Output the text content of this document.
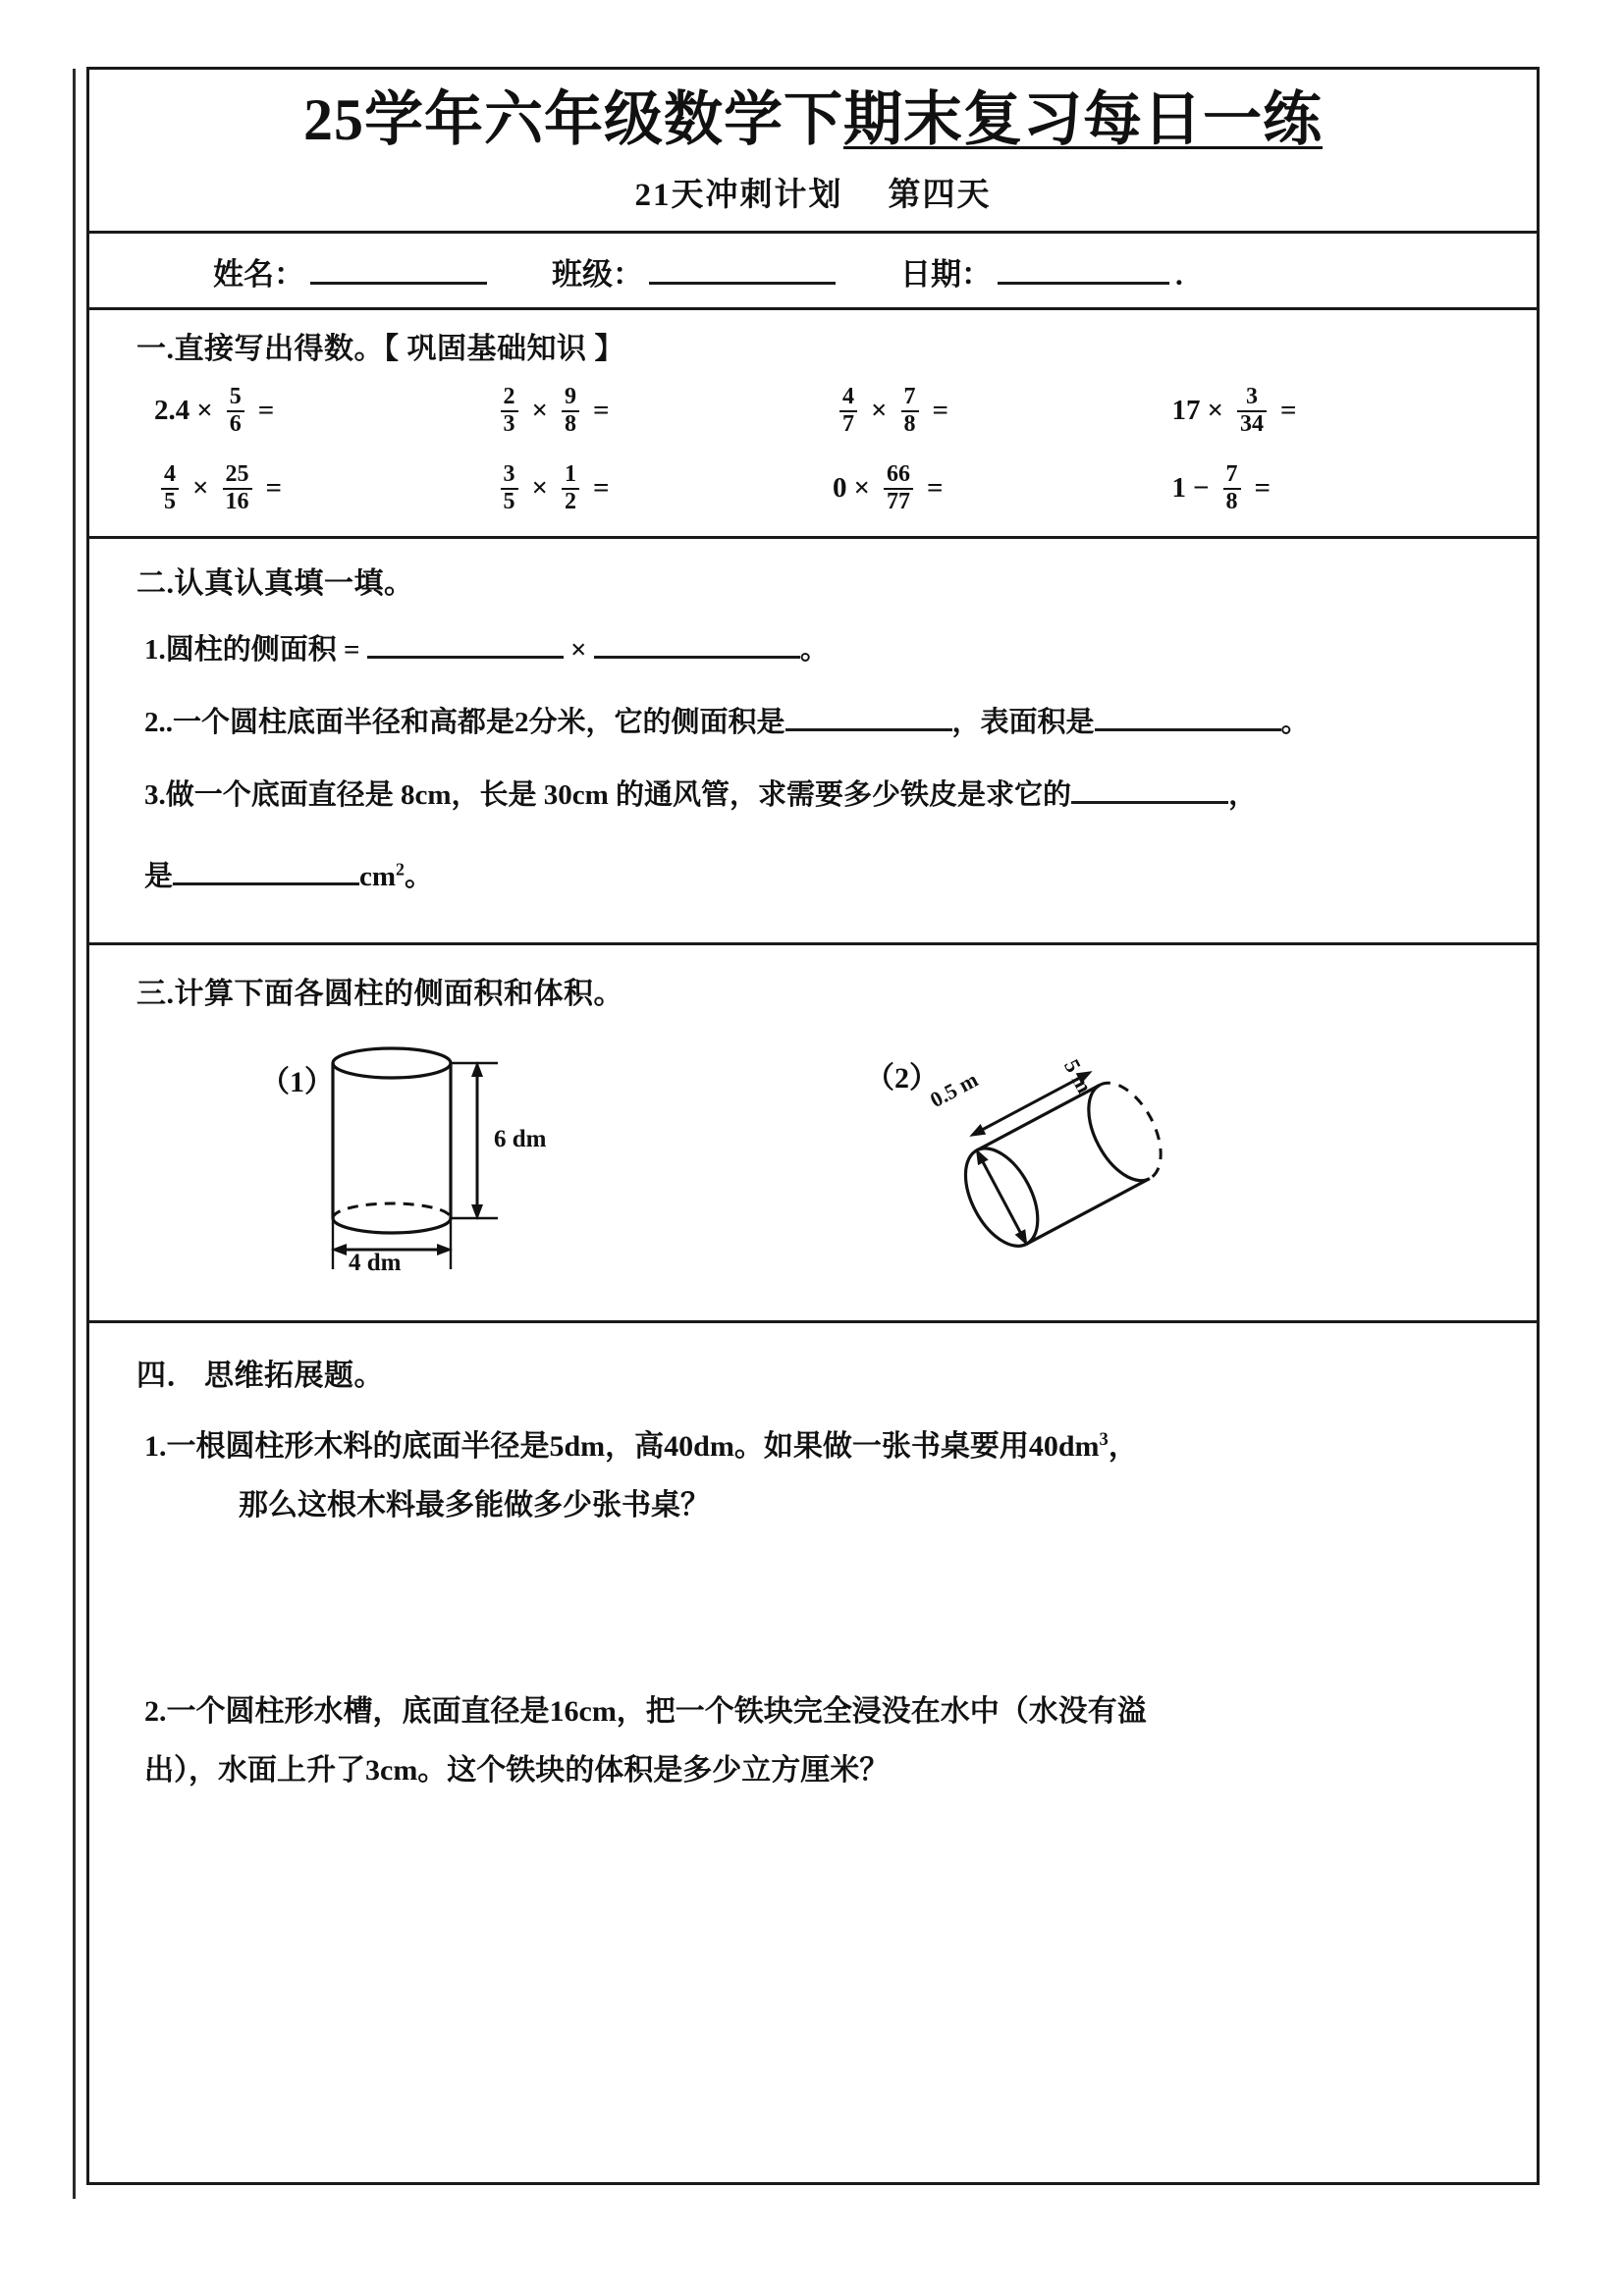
25学年六年级数学下期末复习每日一练
21天冲刺计划 第四天
姓名：	班级：	日期：	.
一.直接写出得数。【 巩固基础知识 】
$2.4 \times \frac{5}{6}$ =	$\frac{2}{3} \times \frac{9}{8}$ =	$\frac{4}{7} \times \frac{7}{8}$ =	$17 \times \frac{3}{34}$ =
$\frac{4}{5} \times \frac{25}{16}$ =	$\frac{3}{5} \times \frac{1}{2}$ =	$0 \times \frac{66}{77}$ =	$1 - \frac{7}{8}$ =
二.认真认真填一填。
1.圆柱的侧面积 =	×	。
2..一个圆柱底面半径和高都是2分米，它的侧面积是	，表面积是	。
3.做一个底面直径是 8cm，长是 30cm 的通风管，求需要多少铁皮是求它的	，
是	$cm^2$。
三.计算下面各圆柱的侧面积和体积。
（1）
6 dm
4 dm
（2）
0.5 m	5 m
四． 思维拓展题。
1.一根圆柱形木料的底面半径是5dm，高40dm。如果做一张书桌要用$40dm^3$，
那么这根木料最多能做多少张书桌？
2.一个圆柱形水槽，底面直径是16cm，把一个铁块完全浸没在水中（水没有溢
出），水面上升了3cm。这个铁块的体积是多少立方厘米？
